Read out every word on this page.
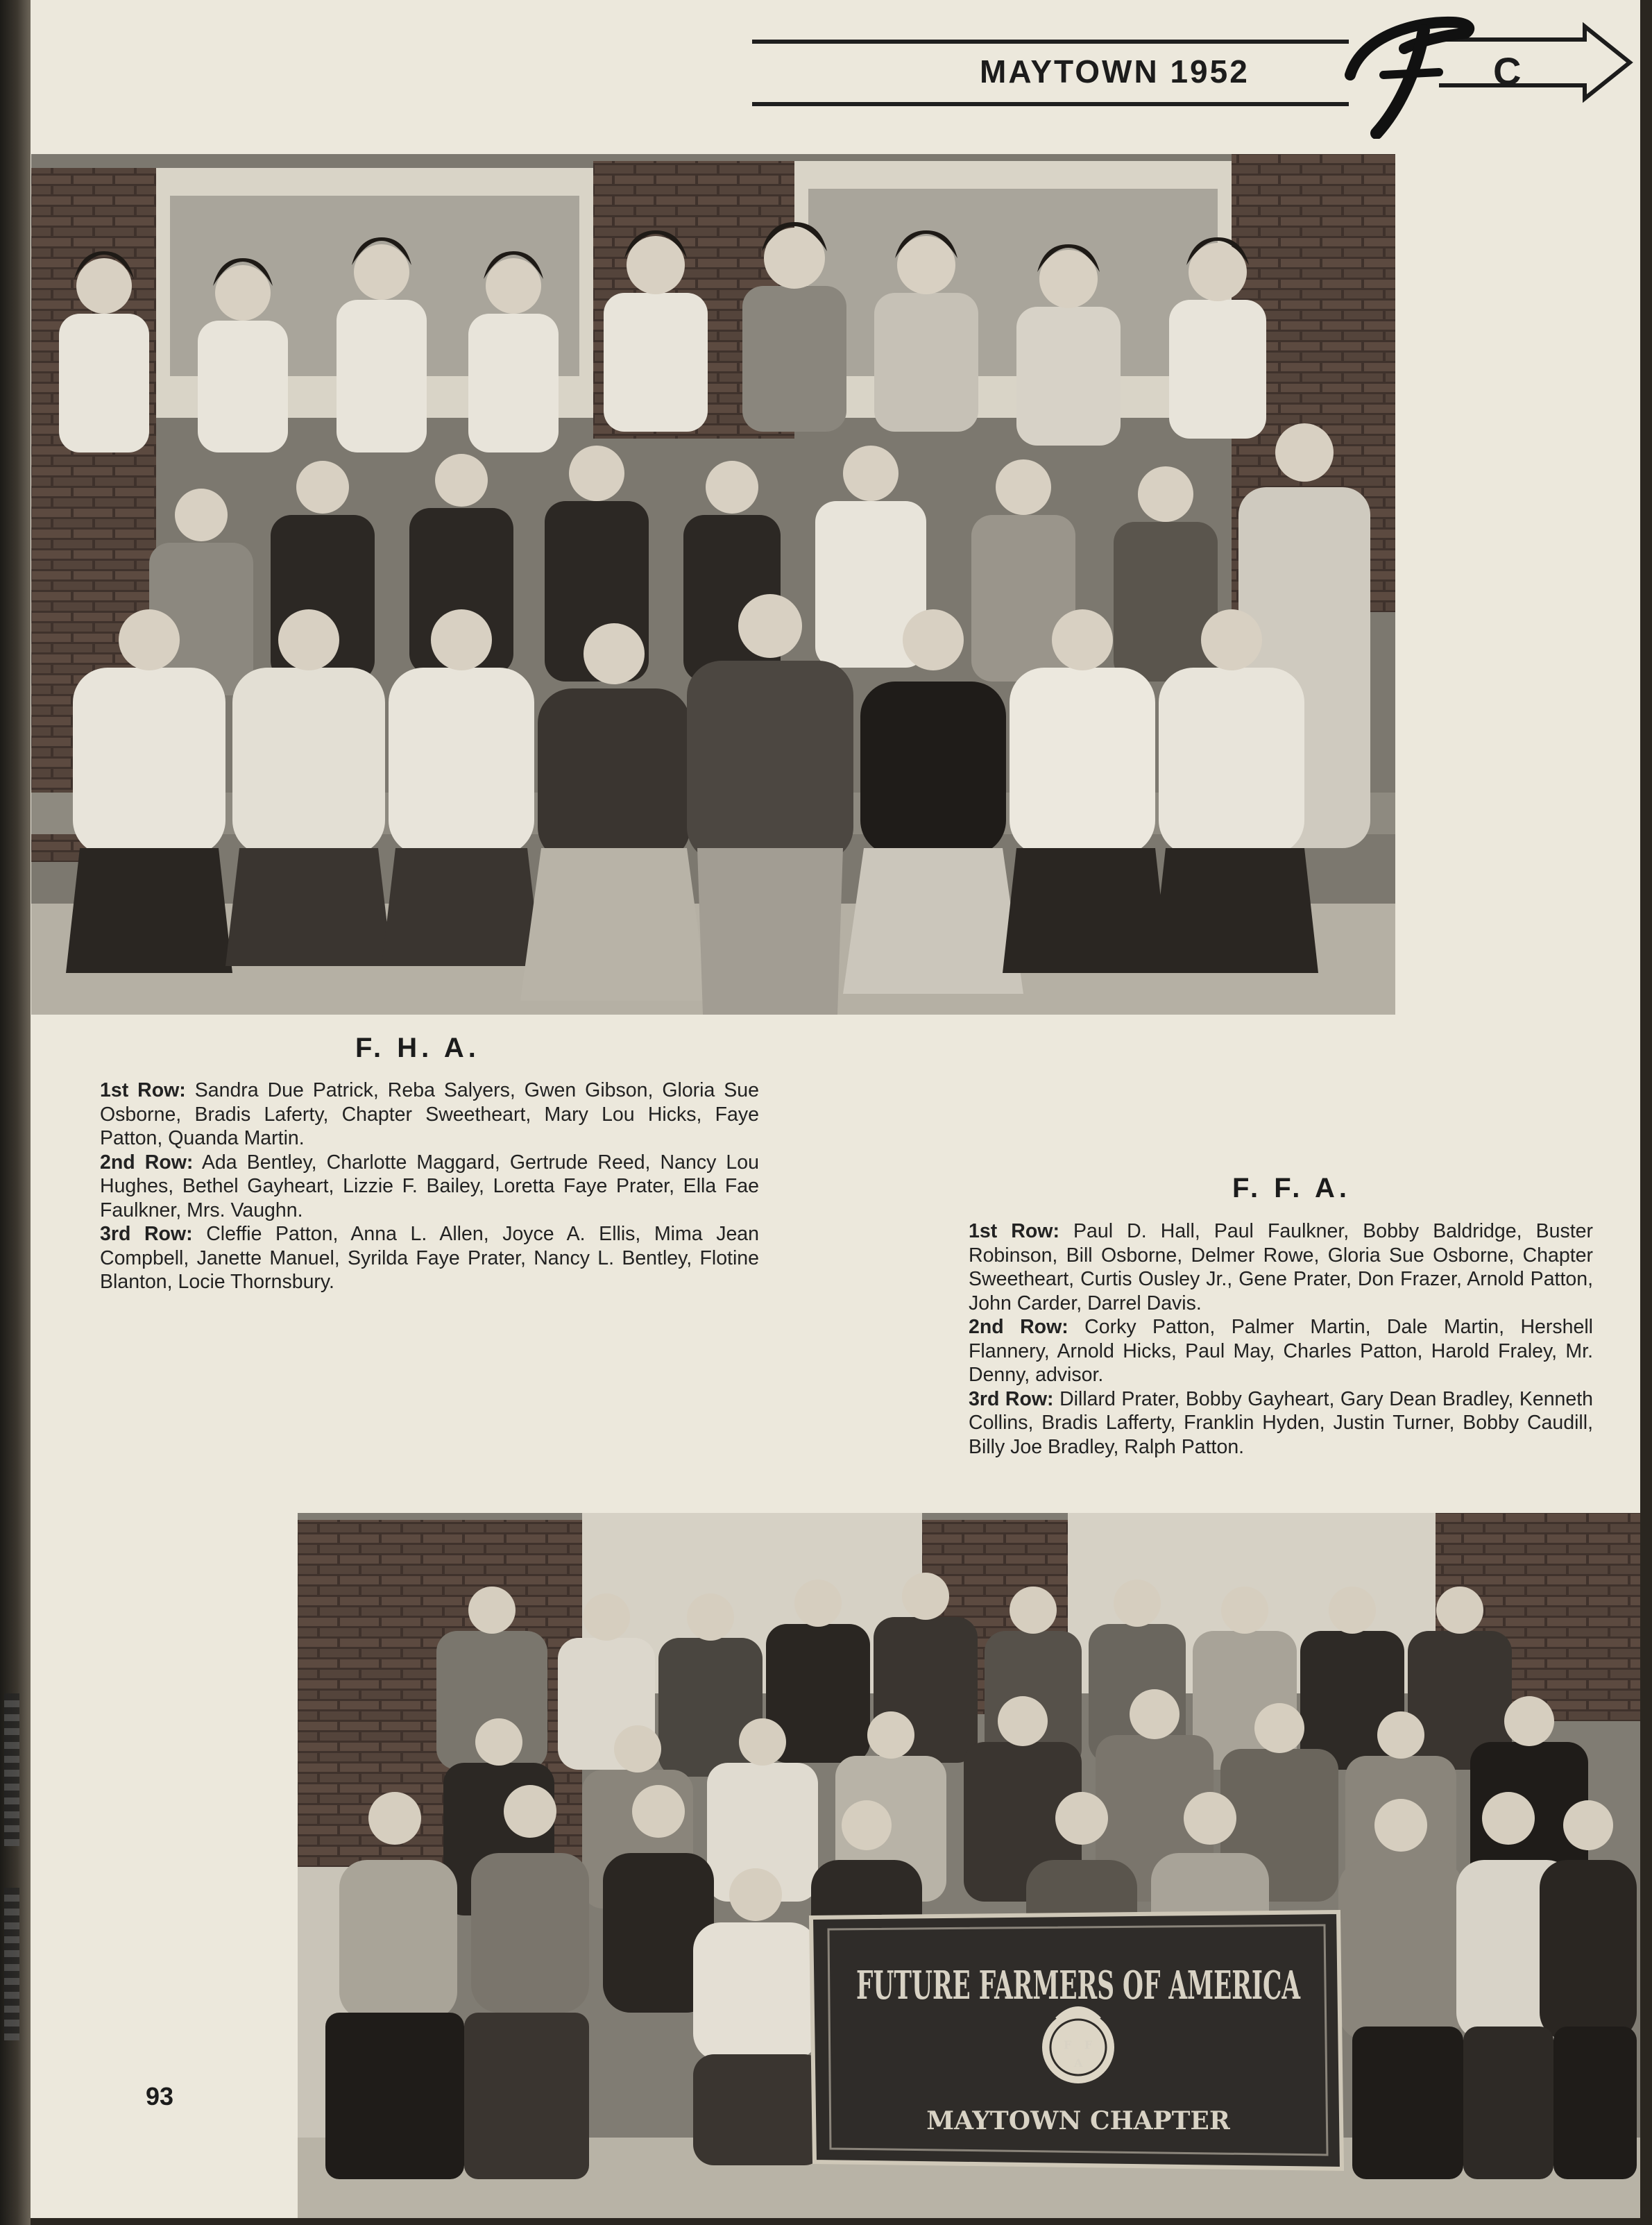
MAYTOWN 1952	C
F. H. A.
1st Row: Sandra Due Patrick, Reba Salyers, Gwen Gibson, Gloria Sue Osborne, Bradis Laferty, Chapter Sweetheart, Mary Lou Hicks, Faye Patton, Quanda Martin.
2nd Row: Ada Bentley, Charlotte Maggard, Gertrude Reed, Nancy Lou Hughes, Bethel Gayheart, Lizzie F. Bailey, Loretta Faye Prater, Ella Fae Faulkner, Mrs. Vaughn.
3rd Row: Cleffie Patton, Anna L. Allen, Joyce A. Ellis, Mima Jean Compbell, Janette Manuel, Syrilda Faye Prater, Nancy L. Bentley, Flotine Blanton, Locie Thornsbury.
F. F. A.
1st Row: Paul D. Hall, Paul Faulkner, Bobby Baldridge, Buster Robinson, Bill Osborne, Delmer Rowe, Gloria Sue Osborne, Chapter Sweetheart, Curtis Ousley Jr., Gene Prater, Don Frazer, Arnold Patton, John Carder, Darrel Davis.
2nd Row: Corky Patton, Palmer Martin, Dale Martin, Hershell Flannery, Arnold Hicks, Paul May, Charles Patton, Harold Fraley, Mr. Denny, advisor.
3rd Row: Dillard Prater, Bobby Gayheart, Gary Dean Bradley, Kenneth Collins, Bradis Lafferty, Franklin Hyden, Justin Turner, Bobby Caudill, Billy Joe Bradley, Ralph Patton.
F F
A
FUTURE FARMERS OF AMERICA
MAYTOWN CHAPTER
93
